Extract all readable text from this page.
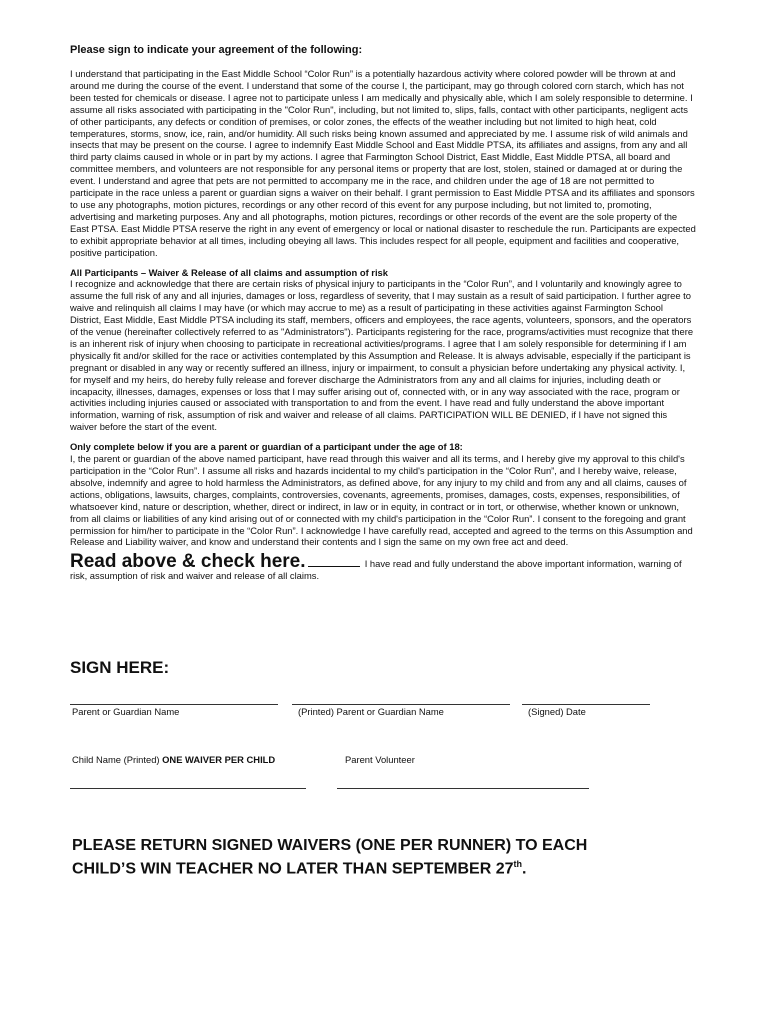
Please sign to indicate your agreement of the following:

I understand that participating in the East Middle School “Color Run” is a potentially hazardous activity where colored powder will be thrown at and around me during the course of the event. I understand that some of the course I, the participant, may go through colored corn starch, which has not been tested for chemicals or disease. I agree not to participate unless I am medically and physically able, which I am solely responsible to determine. I assume all risks associated with participating in the "Color Run", including, but not limited to, slips, falls, contact with other participants, negligent acts of other participants, any defects or condition of premises, or color zones, the effects of the weather including but not limited to high heat, cold temperatures, storms, snow, ice, rain, and/or humidity. All such risks being known assumed and appreciated by me. I assume risk of wild animals and insects that may be present on the course. I agree to indemnify East Middle School and East Middle PTSA, its affiliates and assigns, from any and all third party claims caused in whole or in part by my actions. I agree that Farmington School District, East Middle, East Middle PTSA, all board and committee members, and volunteers are not responsible for any personal items or property that are lost, stolen, stained or damaged at or during the event. I understand and agree that pets are not permitted to accompany me in the race, and children under the age of 18 are not permitted to participate in the race unless a parent or guardian signs a waiver on their behalf. I grant permission to East Middle PTSA and its affiliates and sponsors to use any photographs, motion pictures, recordings or any other record of this event for any purpose including, but not limited to, promoting, advertising and marketing purposes. Any and all photographs, motion pictures, recordings or other records of the event are the sole property of the East PTSA. East Middle PTSA reserve the right in any event of emergency or local or national disaster to reschedule the run. Participants are expected to exhibit appropriate behavior at all times, including obeying all laws. This includes respect for all people, equipment and facilities and cooperative, positive participation.

All Participants – Waiver & Release of all claims and assumption of risk

I recognize and acknowledge that there are certain risks of physical injury to participants in the “Color Run”, and I voluntarily and knowingly agree to assume the full risk of any and all injuries, damages or loss, regardless of severity, that I may sustain as a result of said participation. I further agree to waive and relinquish all claims I may have (or which may accrue to me) as a result of participating in these activities against Farmington School District, East Middle, East Middle PTSA including its staff, members, officers and employees, the race agents, volunteers, sponsors, and the operators of the venue (hereinafter collectively referred to as "Administrators"). Participants registering for the race, programs/activities must recognize that there is an inherent risk of injury when choosing to participate in recreational activities/programs. I agree that I am solely responsible for determining if I am physically fit and/or skilled for the race or activities contemplated by this Assumption and Release. It is always advisable, especially if the participant is pregnant or disabled in any way or recently suffered an illness, injury or impairment, to consult a physician before undertaking any physical activity. I, for myself and my heirs, do hereby fully release and forever discharge the Administrators from any and all claims for injuries, including death or incapacity, illnesses, damages, expenses or loss that I may suffer arising out of, connected with, or in any way associated with the race, program or activities including injuries caused or associated with transportation to and from the event. I have read and fully understand the above important information, warning of risk, assumption of risk and waiver and release of all claims. PARTICIPATION WILL BE DENIED, if I have not signed this waiver before the start of the event.

Only complete below if you are a parent or guardian of a participant under the age of 18:

I, the parent or guardian of the above named participant, have read through this waiver and all its terms, and I hereby give my approval to this child's participation in the “Color Run”. I assume all risks and hazards incidental to my child's participation in the “Color Run”, and I hereby waive, release, absolve, indemnify and agree to hold harmless the Administrators, as defined above, for any injury to my child and from any and all claims, causes of actions, obligations, lawsuits, charges, complaints, controversies, covenants, agreements, promises, damages, costs, expenses, responsibilities, of whatsoever kind, nature or description, whether, direct or indirect, in law or in equity, in contract or in tort, or otherwise, whether known or unknown, from all claims or liabilities of any kind arising out of or connected with my child's participation in the “Color Run”. I consent to the foregoing and grant permission for him/her to participate in the “Color Run”. I acknowledge I have carefully read, accepted and agreed to the terms on this Assumption and Release and Liability waiver, and know and understand their contents and I sign the same on my own free act and deed.

Read above & check here.	I have read and fully understand the above important information, warning of risk, assumption of risk and waiver and release of all claims.
SIGN HERE:
Parent or Guardian Name	(Printed) Parent or Guardian Name	(Signed) Date
Child Name (Printed) ONE WAIVER PER CHILD	Parent Volunteer
PLEASE RETURN SIGNED WAIVERS (ONE PER RUNNER) TO EACH
CHILD’S WIN TEACHER NO LATER THAN SEPTEMBER 27th.
